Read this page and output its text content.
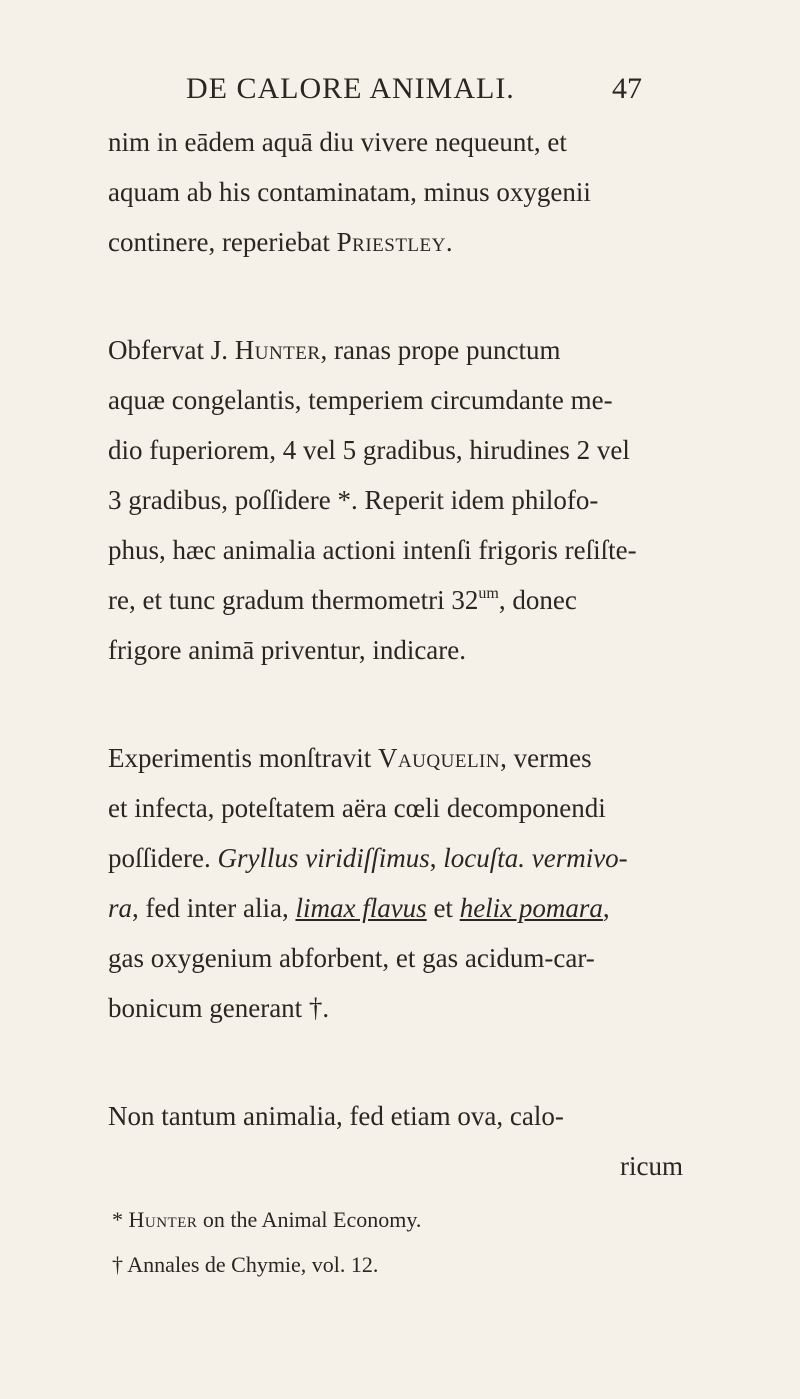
DE CALORE ANIMALI.	47
nim in eādem aquā diu vivere nequeunt, et
aquam ab his contaminatam, minus oxygenii
continere, reperiebat Priestley.
Obfervat J. Hunter, ranas prope punctum
aquæ congelantis, temperiem circumdante me-
dio fuperiorem, 4 vel 5 gradibus, hirudines 2 vel
3 gradibus, poſſidere *. Reperit idem philofo-
phus, hæc animalia actioni intenſi frigoris reſiſte-
re, et tunc gradum thermometri $32^{um}$, donec
frigore animā priventur, indicare.
Experimentis monſtravit Vauquelin, vermes
et infecta, poteſtatem aëra cœli decomponendi
poſſidere. Gryllus viridiſſimus, locuſta. vermivo-
ra, fed inter alia, limax flavus et helix pomara,
gas oxygenium abforbent, et gas acidum-car-
bonicum generant †.
Non tantum animalia, fed etiam ova, calo-
ricum
* Hunter on the Animal Economy.
† Annales de Chymie, vol. 12.
